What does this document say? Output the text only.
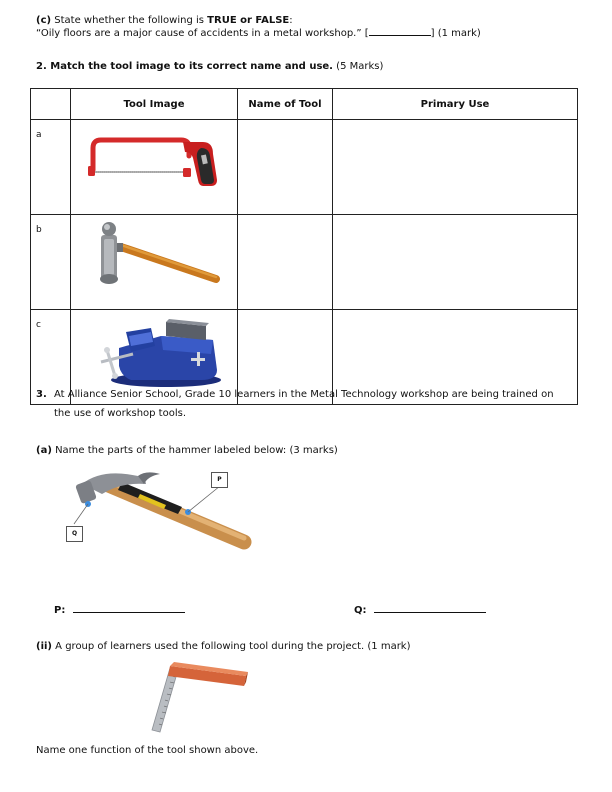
(c) State whether the following is TRUE or FALSE:
“Oily floors are a major cause of accidents in a metal workshop.” [	] (1 mark)
2. Match the tool image to its correct name and use. (5 Marks)
	Tool Image	Name of Tool	Primary Use
a			
b			
c			
3. At Alliance Senior School, Grade 10 learners in the Metal Technology workshop are being trained on
the use of workshop tools.
(a) Name the parts of the hammer labeled below: (3 marks)
P
Q
P:	Q:
(ii) A group of learners used the following tool during the project. (1 mark)
Name one function of the tool shown above.
